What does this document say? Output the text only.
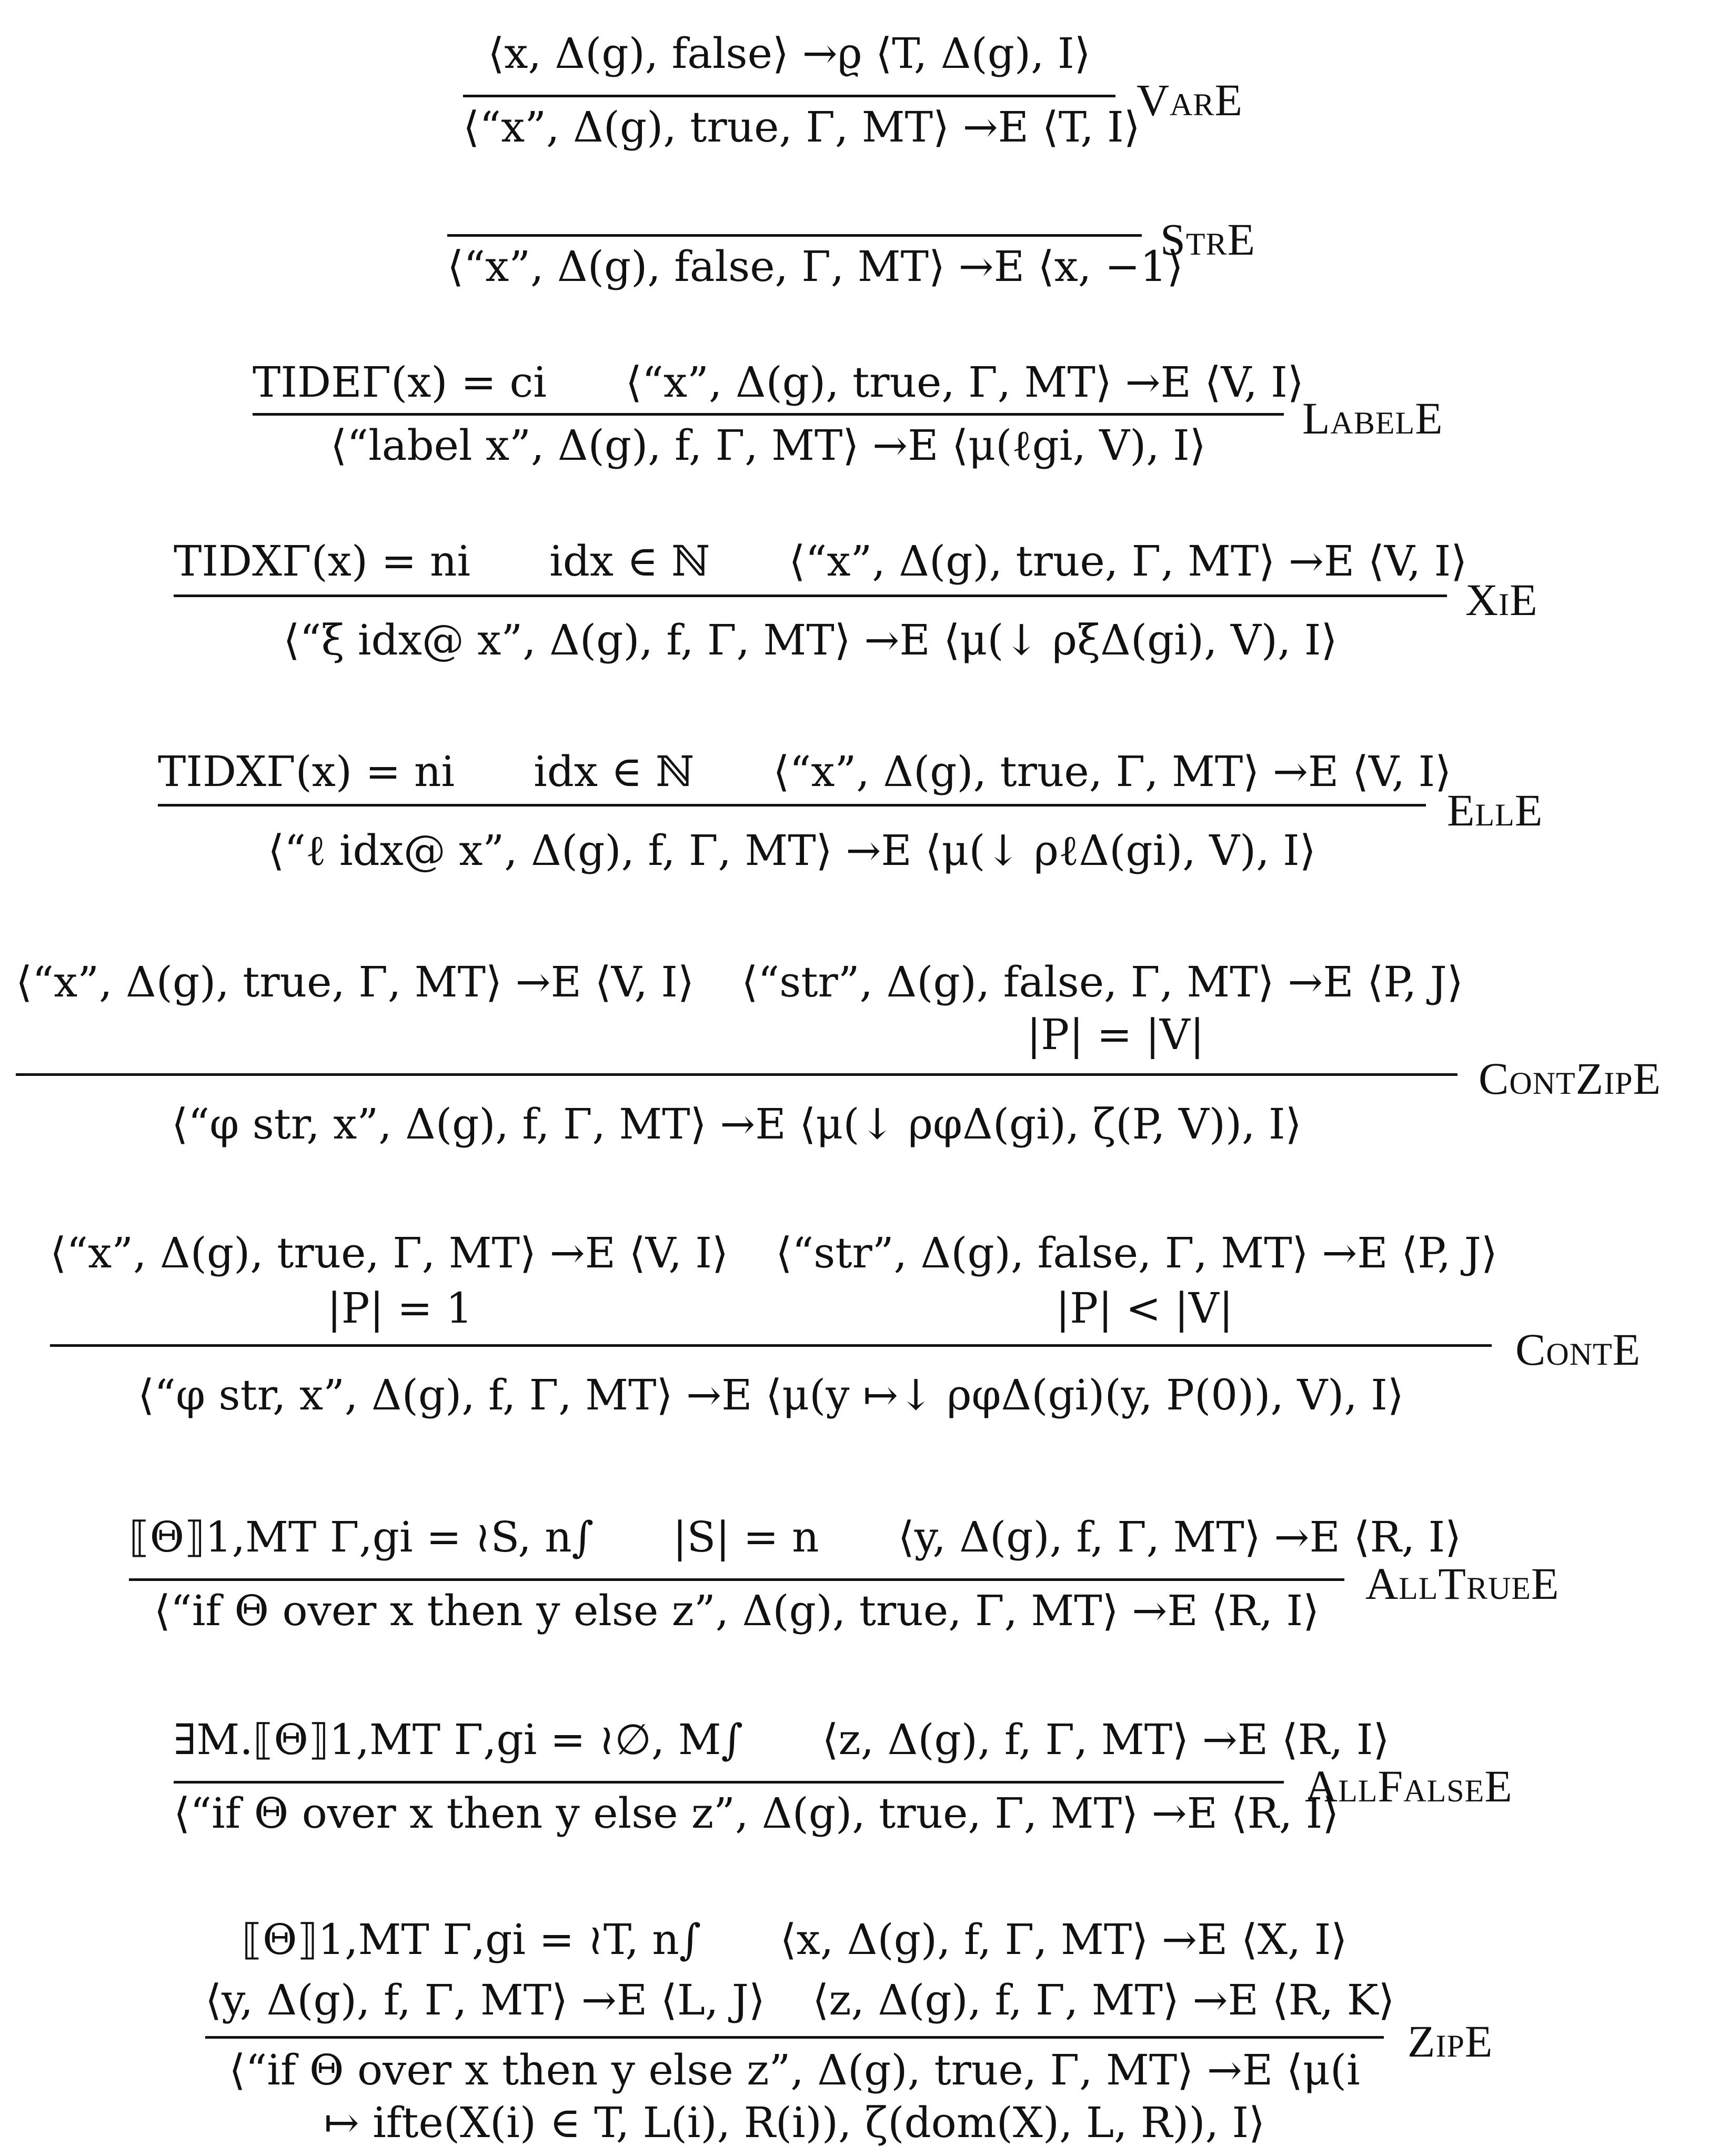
⟨x, Δ(g), false⟩ →ϱ ⟨T, Δ(g), I⟩
⟨“x”, Δ(g), true, Γ, MT⟩ →E ⟨T, I⟩
VarE
⟨“x”, Δ(g), false, Γ, MT⟩ →E ⟨x, −1⟩
StrE
TIDEΓ(x) = ci ⟨“x”, Δ(g), true, Γ, MT⟩ →E ⟨V, I⟩
⟨“label x”, Δ(g), f, Γ, MT⟩ →E ⟨μ(ℓgi, V), I⟩
LabelE
TIDXΓ(x) = ni idx ∈ ℕ ⟨“x”, Δ(g), true, Γ, MT⟩ →E ⟨V, I⟩
⟨“ξ idx@ x”, Δ(g), f, Γ, MT⟩ →E ⟨μ(↓ ρξΔ(gi), V), I⟩
XiE
TIDXΓ(x) = ni idx ∈ ℕ ⟨“x”, Δ(g), true, Γ, MT⟩ →E ⟨V, I⟩
⟨“ℓ idx@ x”, Δ(g), f, Γ, MT⟩ →E ⟨μ(↓ ρℓΔ(gi), V), I⟩
EllE
⟨“x”, Δ(g), true, Γ, MT⟩ →E ⟨V, I⟩ ⟨“str”, Δ(g), false, Γ, MT⟩ →E ⟨P, J⟩
|P| = |V|
⟨“φ str, x”, Δ(g), f, Γ, MT⟩ →E ⟨μ(↓ ρφΔ(gi), ζ(P, V)), I⟩
ContZipE
⟨“x”, Δ(g), true, Γ, MT⟩ →E ⟨V, I⟩ ⟨“str”, Δ(g), false, Γ, MT⟩ →E ⟨P, J⟩
|P| = 1	|P| < |V|
⟨“φ str, x”, Δ(g), f, Γ, MT⟩ →E ⟨μ(y ↦↓ ρφΔ(gi)(y, P(0)), V), I⟩
ContE
⟦Θ⟧1,MT Γ,gi = ≀S, n∫ |S| = n ⟨y, Δ(g), f, Γ, MT⟩ →E ⟨R, I⟩
⟨“if Θ over x then y else z”, Δ(g), true, Γ, MT⟩ →E ⟨R, I⟩
AllTrueE
∃M.⟦Θ⟧1,MT Γ,gi = ≀∅, M∫ ⟨z, Δ(g), f, Γ, MT⟩ →E ⟨R, I⟩
⟨“if Θ over x then y else z”, Δ(g), true, Γ, MT⟩ →E ⟨R, I⟩
AllFalseE
⟦Θ⟧1,MT Γ,gi = ≀T, n∫ ⟨x, Δ(g), f, Γ, MT⟩ →E ⟨X, I⟩
⟨y, Δ(g), f, Γ, MT⟩ →E ⟨L, J⟩ ⟨z, Δ(g), f, Γ, MT⟩ →E ⟨R, K⟩
⟨“if Θ over x then y else z”, Δ(g), true, Γ, MT⟩ →E ⟨μ(i ↦ ifte(X(i) ∈ T, L(i), R(i)), ζ(dom(X), L, R)), I⟩
ZipE
